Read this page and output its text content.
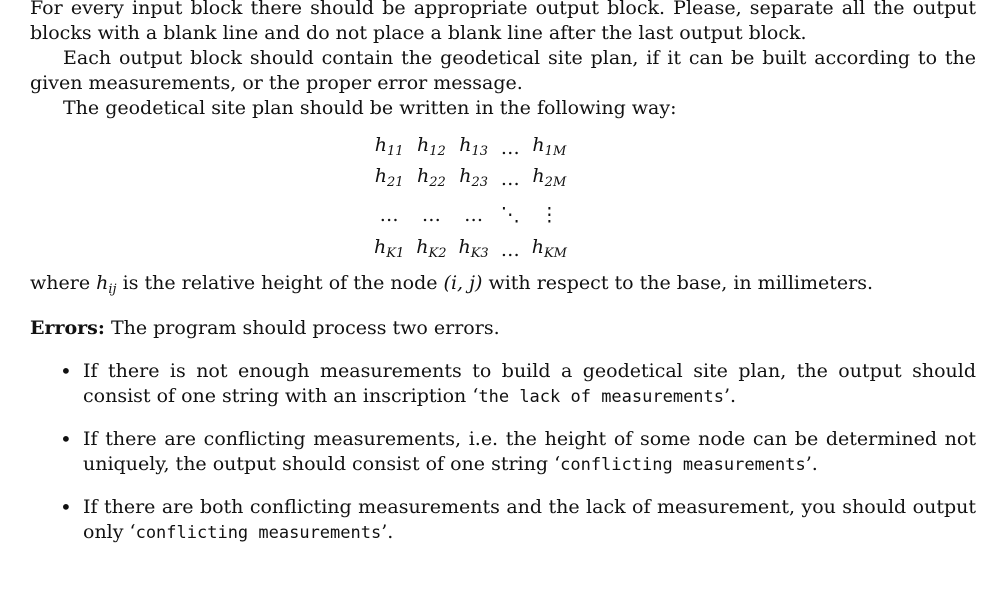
For every input block there should be appropriate output block. Please, separate all the output blocks with a blank line and do not place a blank line after the last output block.

Each output block should contain the geodetical site plan, if it can be built according to the given measurements, or the proper error message.

The geodetical site plan should be written in the following way:

$h_{11}$	$h_{12}$	$h_{13}$	…	$h_{1M}$
$h_{21}$	$h_{22}$	$h_{23}$	…	$h_{2M}$
…	…	…	⋱	⋮
$h_{K1}$	$h_{K2}$	$h_{K3}$	…	$h_{KM}$

where $h_{ij}$ is the relative height of the node (i, j) with respect to the base, in millimeters.

Errors: The program should process two errors.

• If there is not enough measurements to build a geodetical site plan, the output should consist of one string with an inscription ‘the lack of measurements’.
• If there are conflicting measurements, i.e. the height of some node can be determined not uniquely, the output should consist of one string ‘conflicting measurements’.
• If there are both conflicting measurements and the lack of measurement, you should output only ‘conflicting measurements’.
